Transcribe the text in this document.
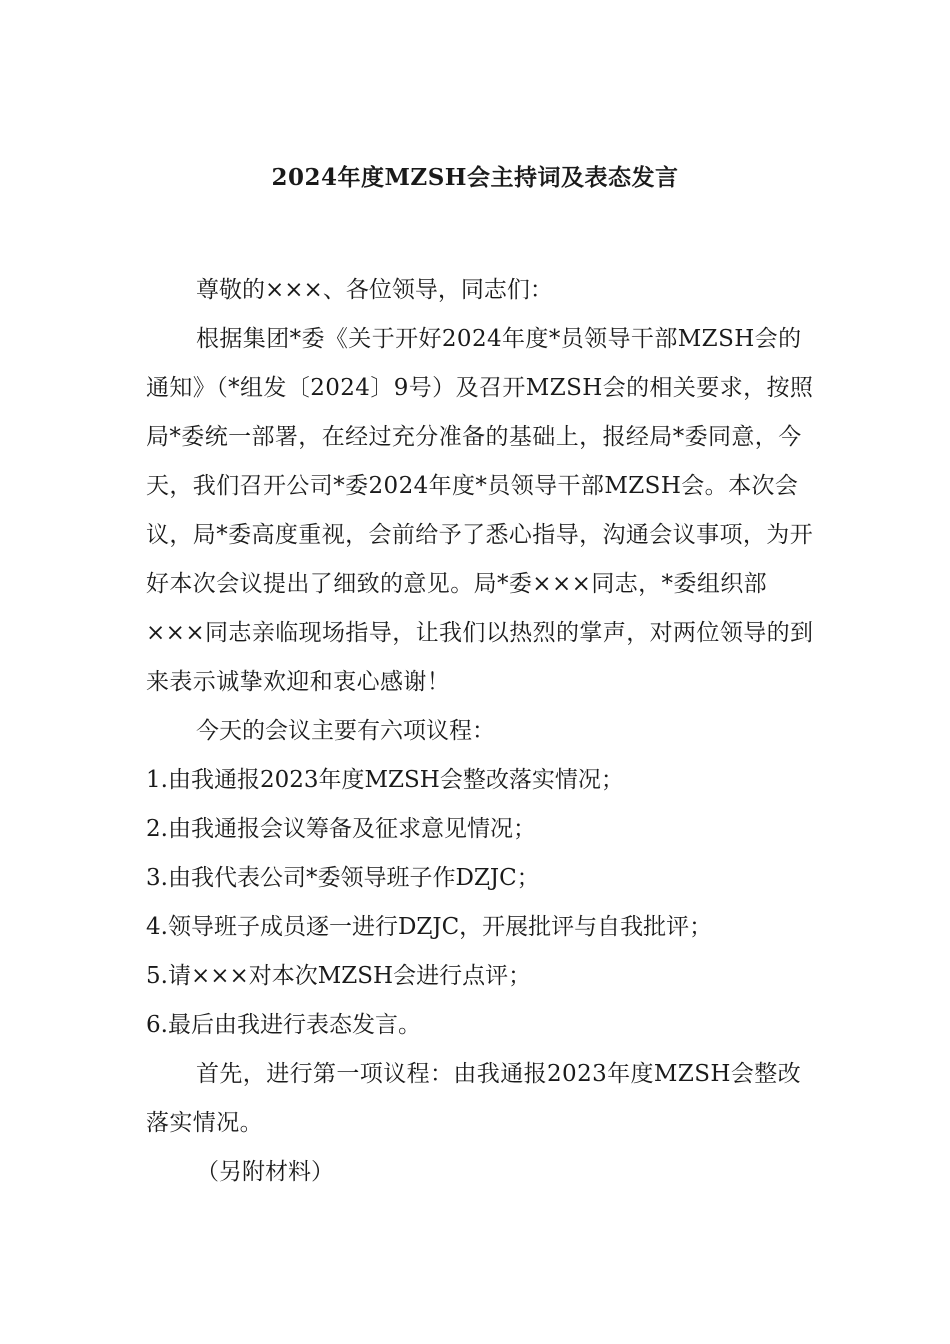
2024年度MZSH会主持词及表态发言

尊敬的×××、各位领导，同志们：

根据集团*委《关于开好2024年度*员领导干部MZSH会的通知》（*组发〔2024〕9号）及召开MZSH会的相关要求，按照局*委统一部署，在经过充分准备的基础上，报经局*委同意，今天，我们召开公司*委2024年度*员领导干部MZSH会。本次会议，局*委高度重视，会前给予了悉心指导，沟通会议事项，为开好本次会议提出了细致的意见。局*委×××同志，*委组织部×××同志亲临现场指导，让我们以热烈的掌声，对两位领导的到来表示诚挚欢迎和衷心感谢！

今天的会议主要有六项议程：

1.由我通报2023年度MZSH会整改落实情况；

2.由我通报会议筹备及征求意见情况；

3.由我代表公司*委领导班子作DZJC；

4.领导班子成员逐一进行DZJC，开展批评与自我批评；

5.请×××对本次MZSH会进行点评；

6.最后由我进行表态发言。

首先，进行第一项议程：由我通报2023年度MZSH会整改落实情况。

（另附材料）
